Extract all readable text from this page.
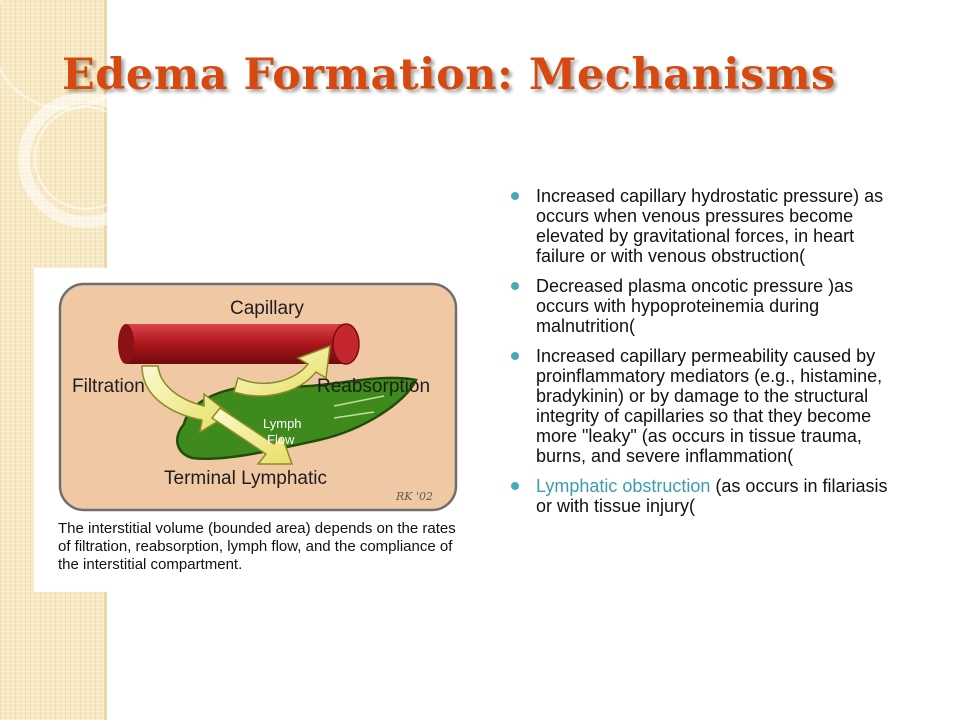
Edema Formation: Mechanisms
Capillary
Filtration	Reabsorption
Lymph
Flow
Terminal Lymphatic
RK '02

The interstitial volume (bounded area) depends on the rates of filtration, reabsorption, lymph flow, and the compliance of the interstitial compartment.

Increased capillary hydrostatic pressure) as occurs when venous pressures become elevated by gravitational forces, in heart failure or with venous obstruction(
Decreased plasma oncotic pressure )as occurs with hypoproteinemia during malnutrition(
Increased capillary permeability caused by proinflammatory mediators (e.g., histamine, bradykinin) or by damage to the structural integrity of capillaries so that they become more "leaky" (as occurs in tissue trauma, burns, and severe inflammation(
Lymphatic obstruction (as occurs in filariasis or with tissue injury(
